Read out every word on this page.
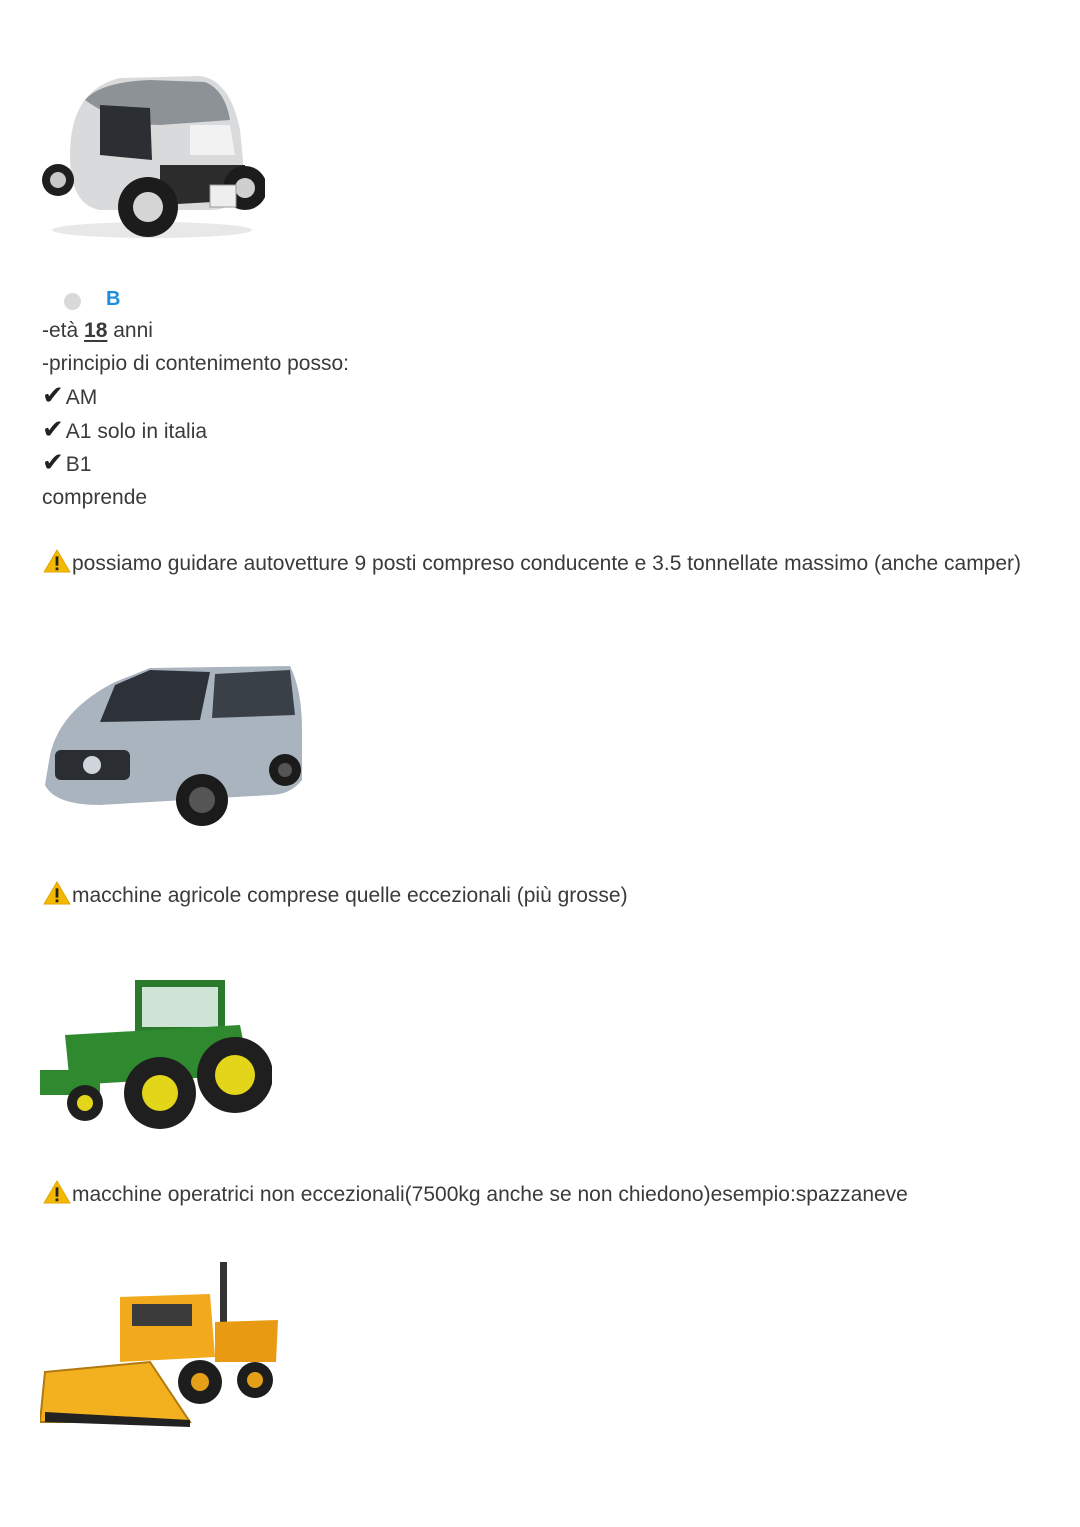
B
-età 18 anni
-principio di contenimento posso:
✔AM
✔A1 solo in italia
✔B1
comprende
possiamo guidare autovetture 9 posti compreso conducente e 3.5 tonnellate massimo (anche camper)
macchine agricole comprese quelle eccezionali (più grosse)
macchine operatrici non eccezionali(7500kg anche se non chiedono)esempio:spazzaneve
